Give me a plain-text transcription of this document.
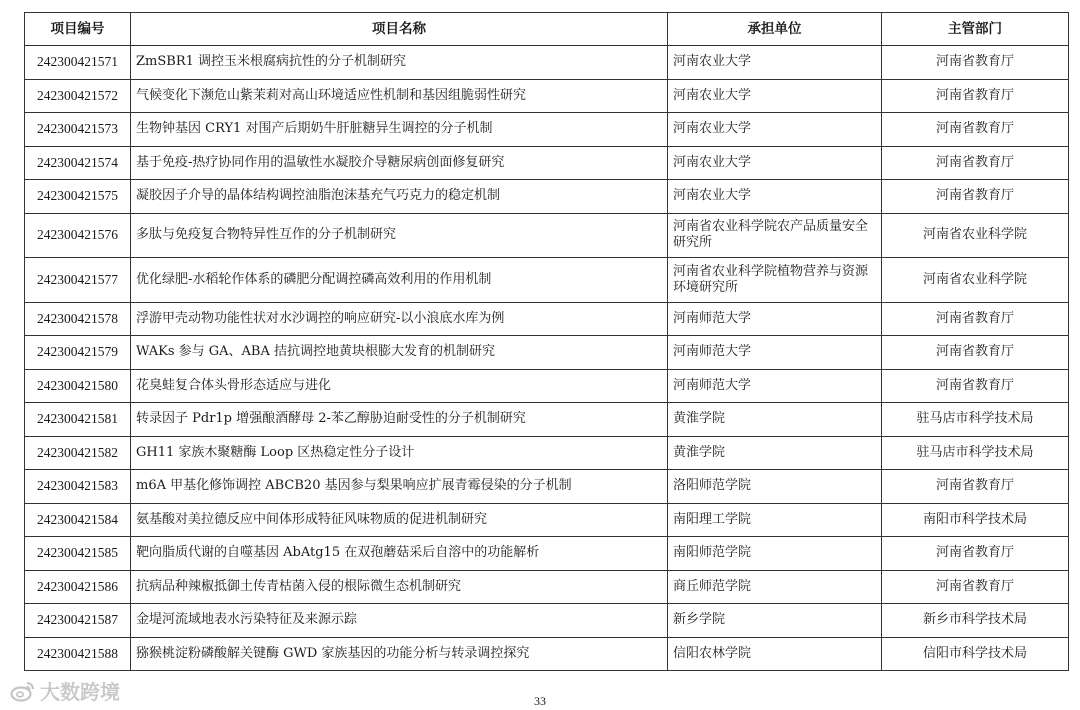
项目编号	项目名称	承担单位	主管部门
242300421571	ZmSBR1 调控玉米根腐病抗性的分子机制研究	河南农业大学	河南省教育厅
242300421572	气候变化下濒危山紫茉莉对高山环境适应性机制和基因组脆弱性研究	河南农业大学	河南省教育厅
242300421573	生物钟基因 CRY1 对围产后期奶牛肝脏糖异生调控的分子机制	河南农业大学	河南省教育厅
242300421574	基于免疫-热疗协同作用的温敏性水凝胶介导糖尿病创面修复研究	河南农业大学	河南省教育厅
242300421575	凝胶因子介导的晶体结构调控油脂泡沫基充气巧克力的稳定机制	河南农业大学	河南省教育厅
242300421576	多肽与免疫复合物特异性互作的分子机制研究	河南省农业科学院农产品质量安全研究所	河南省农业科学院
242300421577	优化绿肥-水稻轮作体系的磷肥分配调控磷高效利用的作用机制	河南省农业科学院植物营养与资源环境研究所	河南省农业科学院
242300421578	浮游甲壳动物功能性状对水沙调控的响应研究-以小浪底水库为例	河南师范大学	河南省教育厅
242300421579	WAKs 参与 GA、ABA 拮抗调控地黄块根膨大发育的机制研究	河南师范大学	河南省教育厅
242300421580	花臭蛙复合体头骨形态适应与进化	河南师范大学	河南省教育厅
242300421581	转录因子 Pdr1p 增强酿酒酵母 2-苯乙醇胁迫耐受性的分子机制研究	黄淮学院	驻马店市科学技术局
242300421582	GH11 家族木聚糖酶 Loop 区热稳定性分子设计	黄淮学院	驻马店市科学技术局
242300421583	m6A 甲基化修饰调控 ABCB20 基因参与梨果响应扩展青霉侵染的分子机制	洛阳师范学院	河南省教育厅
242300421584	氨基酸对美拉德反应中间体形成特征风味物质的促进机制研究	南阳理工学院	南阳市科学技术局
242300421585	靶向脂质代谢的自噬基因 AbAtg15 在双孢蘑菇采后自溶中的功能解析	南阳师范学院	河南省教育厅
242300421586	抗病品种辣椒抵御土传青枯菌入侵的根际微生态机制研究	商丘师范学院	河南省教育厅
242300421587	金堤河流域地表水污染特征及来源示踪	新乡学院	新乡市科学技术局
242300421588	猕猴桃淀粉磷酸解关键酶 GWD 家族基因的功能分析与转录调控探究	信阳农林学院	信阳市科学技术局
33
大数跨境
